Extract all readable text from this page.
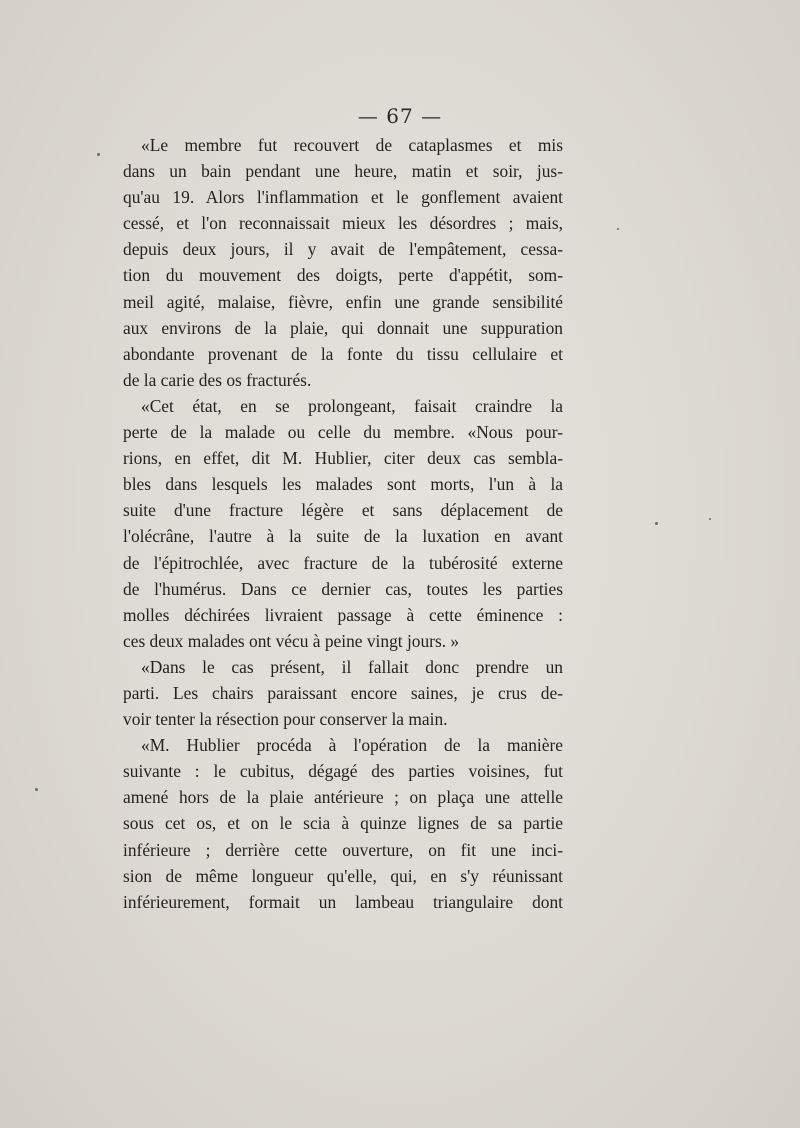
— 67 —
«Le membre fut recouvert de cataplasmes et mis
dans un bain pendant une heure, matin et soir, jus-
qu'au 19. Alors l'inflammation et le gonflement avaient
cessé, et l'on reconnaissait mieux les désordres ; mais,
depuis deux jours, il y avait de l'empâtement, cessa-
tion du mouvement des doigts, perte d'appétit, som-
meil agité, malaise, fièvre, enfin une grande sensibilité
aux environs de la plaie, qui donnait une suppuration
abondante provenant de la fonte du tissu cellulaire et
de la carie des os fracturés.
«Cet état, en se prolongeant, faisait craindre la
perte de la malade ou celle du membre. «Nous pour-
rions, en effet, dit M. Hublier, citer deux cas sembla-
bles dans lesquels les malades sont morts, l'un à la
suite d'une fracture légère et sans déplacement de
l'olécrâne, l'autre à la suite de la luxation en avant
de l'épitrochlée, avec fracture de la tubérosité externe
de l'humérus. Dans ce dernier cas, toutes les parties
molles déchirées livraient passage à cette éminence :
ces deux malades ont vécu à peine vingt jours. »
«Dans le cas présent, il fallait donc prendre un
parti. Les chairs paraissant encore saines, je crus de-
voir tenter la résection pour conserver la main.
«M. Hublier procéda à l'opération de la manière
suivante : le cubitus, dégagé des parties voisines, fut
amené hors de la plaie antérieure ; on plaça une attelle
sous cet os, et on le scia à quinze lignes de sa partie
inférieure ; derrière cette ouverture, on fit une inci-
sion de même longueur qu'elle, qui, en s'y réunissant
inférieurement, formait un lambeau triangulaire dont
